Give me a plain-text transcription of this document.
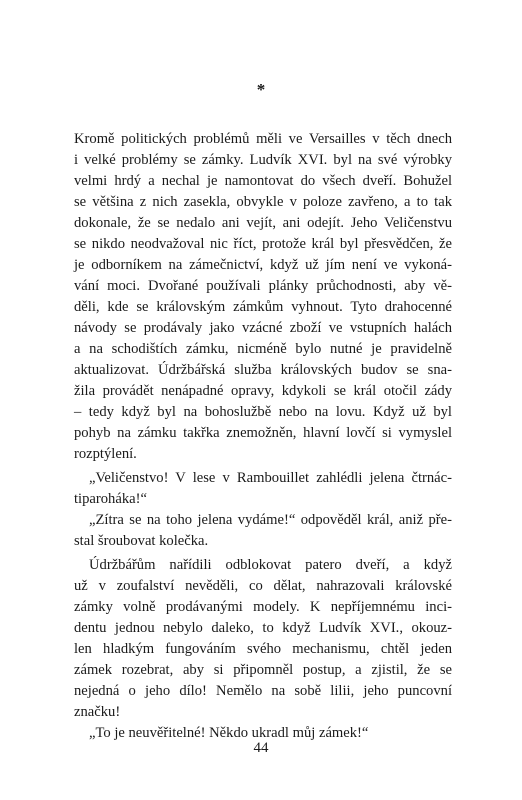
*
Kromě politických problémů měli ve Versailles v těch dnech
i velké problémy se zámky. Ludvík XVI. byl na své výrobky
velmi hrdý a nechal je namontovat do všech dveří. Bohužel
se většina z nich zasekla, obvykle v poloze zavřeno, a to tak
dokonale, že se nedalo ani vejít, ani odejít. Jeho Veličenstvu
se nikdo neodvažoval nic říct, protože král byl přesvědčen, že
je odborníkem na zámečnictví, když už jím není ve vykoná-
vání moci. Dvořané používali plánky průchodnosti, aby vě-
děli, kde se královským zámkům vyhnout. Tyto drahocenné
návody se prodávaly jako vzácné zboží ve vstupních halách
a na schodištích zámku, nicméně bylo nutné je pravidelně
aktualizovat. Údržbářská služba královských budov se sna-
žila provádět nenápadné opravy, kdykoli se král otočil zády
– tedy když byl na bohoslužbě nebo na lovu. Když už byl
pohyb na zámku takřka znemožněn, hlavní lovčí si vymyslel
rozptýlení.
„Veličenstvo! V lese v Rambouillet zahlédli jelena čtrnác-
tiparoháka!“
„Zítra se na toho jelena vydáme!“ odpověděl král, aniž pře-
stal šroubovat kolečka.
Údržbářům nařídili odblokovat patero dveří, a když
už v zoufalství nevěděli, co dělat, nahrazovali královské
zámky volně prodávanými modely. K nepříjemnému inci-
dentu jednou nebylo daleko, to když Ludvík XVI., okouz-
len hladkým fungováním svého mechanismu, chtěl jeden
zámek rozebrat, aby si připomněl postup, a zjistil, že se
nejedná o jeho dílo! Nemělo na sobě lilii, jeho puncovní
značku!
„To je neuvěřitelné! Někdo ukradl můj zámek!“
44
